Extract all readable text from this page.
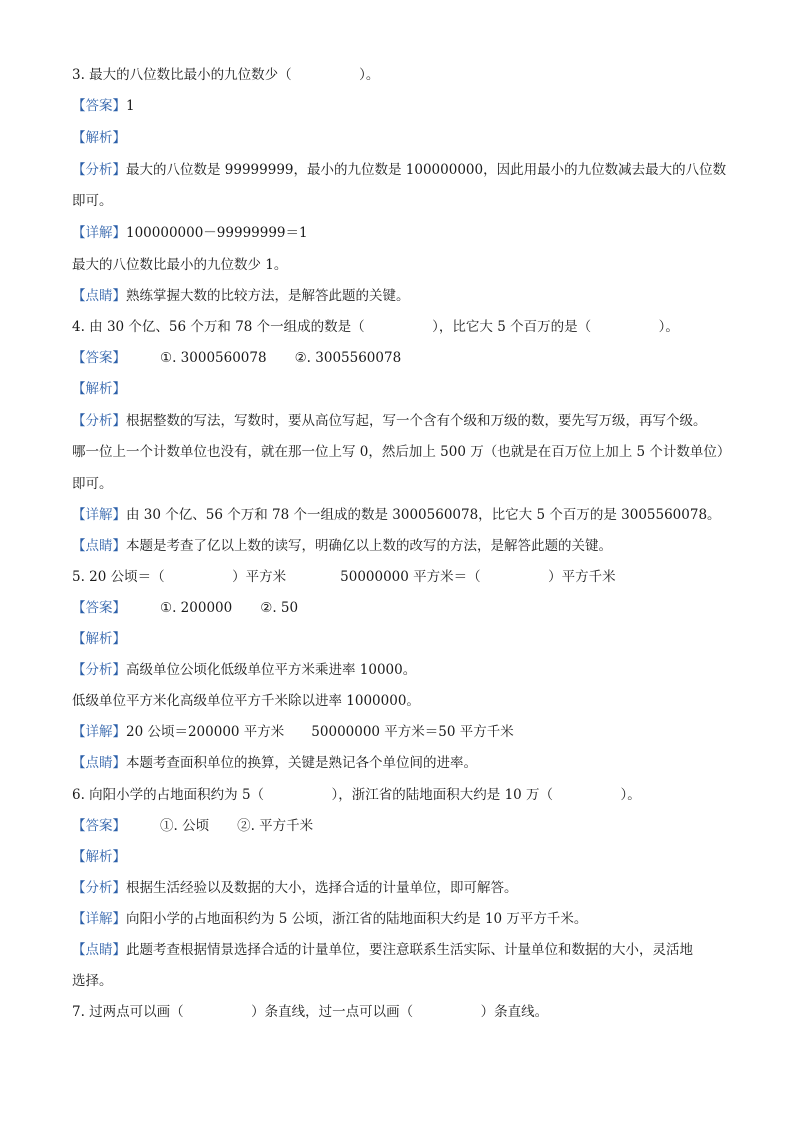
3. 最大的八位数比最小的九位数少（　　　　　）。
【答案】1
【解析】
【分析】最大的八位数是 99999999，最小的九位数是 100000000，因此用最小的九位数减去最大的八位数
即可。
【详解】100000000－99999999＝1
最大的八位数比最小的九位数少 1。
【点睛】熟练掌握大数的比较方法，是解答此题的关键。
4. 由 30 个亿、56 个万和 78 个一组成的数是（　　　　　），比它大 5 个百万的是（　　　　　）。
【答案】	①. 3000560078 ②. 3005560078
【解析】
【分析】根据整数的写法，写数时，要从高位写起，写一个含有个级和万级的数，要先写万级，再写个级。
哪一位上一个计数单位也没有，就在那一位上写 0，然后加上 500 万（也就是在百万位上加上 5 个计数单位）
即可。
【详解】由 30 个亿、56 个万和 78 个一组成的数是 3000560078，比它大 5 个百万的是 3005560078。
【点睛】本题是考查了亿以上数的读写，明确亿以上数的改写的方法，是解答此题的关键。
5. 20 公顷＝（　　　　　）平方米　　　　50000000 平方米＝（　　　　　）平方千米
【答案】	①. 200000 ②. 50
【解析】
【分析】高级单位公顷化低级单位平方米乘进率 10000。
低级单位平方米化高级单位平方千米除以进率 1000000。
【详解】20 公顷＝200000 平方米　　50000000 平方米＝50 平方千米
【点睛】本题考查面积单位的换算，关键是熟记各个单位间的进率。
6. 向阳小学的占地面积约为 5（　　　　　），浙江省的陆地面积大约是 10 万（　　　　　）。
【答案】	①. 公顷 ②. 平方千米
【解析】
【分析】根据生活经验以及数据的大小，选择合适的计量单位，即可解答。
【详解】向阳小学的占地面积约为 5 公顷，浙江省的陆地面积大约是 10 万平方千米。
【点睛】此题考查根据情景选择合适的计量单位，要注意联系生活实际、计量单位和数据的大小，灵活地
选择。
7. 过两点可以画（　　　　　）条直线，过一点可以画（　　　　　）条直线。
